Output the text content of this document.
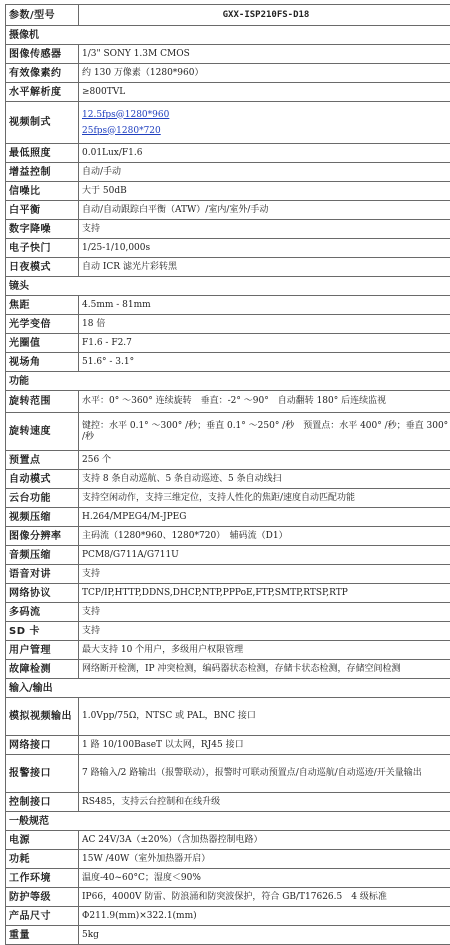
参数/型号	GXX-ISP210FS-D18
摄像机	
图像传感器	1/3" SONY 1.3M CMOS
有效像素约	约 130 万像素（1280*960）
水平解析度	≥800TVL
视频制式	12.5fps@1280*960
25fps@1280*720

最低照度	0.01Lux/F1.6
增益控制	自动/手动
信噪比	大于 50dB
白平衡	自动/自动跟踪白平衡（ATW）/室内/室外/手动
数字降噪	支持
电子快门	1/25-1/10,000s
日夜模式	自动 ICR 滤光片彩转黑
镜头	
焦距	4.5mm - 81mm
光学变倍	18 倍
光圈值	F1.6 - F2.7
视场角	51.6° - 3.1°
功能	
旋转范围	水平：0° ～360° 连续旋转　垂直：-2° ～90°　自动翻转 180° 后连续监视
旋转速度	键控：水平 0.1° ～300° /秒；垂直 0.1° ～250° /秒　预置点：水平 400° /秒；垂直 300° /秒
预置点	256 个
自动模式	支持 8 条自动巡航、5 条自动巡迹、5 条自动线扫
云台功能	支持空闲动作，支持三维定位，支持人性化的焦距/速度自动匹配功能
视频压缩	H.264/MPEG4/M-JPEG
图像分辨率	主码流（1280*960、1280*720）　辅码流（D1）
音频压缩	PCM8/G711A/G711U
语音对讲	支持
网络协议	TCP/IP,HTTP,DDNS,DHCP,NTP,PPPoE,FTP,SMTP,RTSP,RTP
多码流	支持
SD 卡	支持
用户管理	最大支持 10 个用户，多级用户权限管理
故障检测	网络断开检测，IP 冲突检测，编码器状态检测，存储卡状态检测，存储空间检测
输入/输出	
模拟视频输出	1.0Vpp/75Ω，NTSC 或 PAL，BNC 接口
网络接口	1 路 10/100BaseT 以太网，RJ45 接口
报警接口	7 路输入/2 路输出（报警联动），报警时可联动预置点/自动巡航/自动巡迹/开关量输出
控制接口	RS485，支持云台控制和在线升级
一般规范	
电源	AC 24V/3A（±20%）（含加热器控制电路）
功耗	15W /40W（室外加热器开启）
工作环境	温度-40~60°C；湿度＜90%
防护等级	IP66，4000V 防雷、防浪涌和防突波保护，符合 GB/T17626.5　4 级标准
产品尺寸	Φ211.9(mm)×322.1(mm)
重量	5kg
